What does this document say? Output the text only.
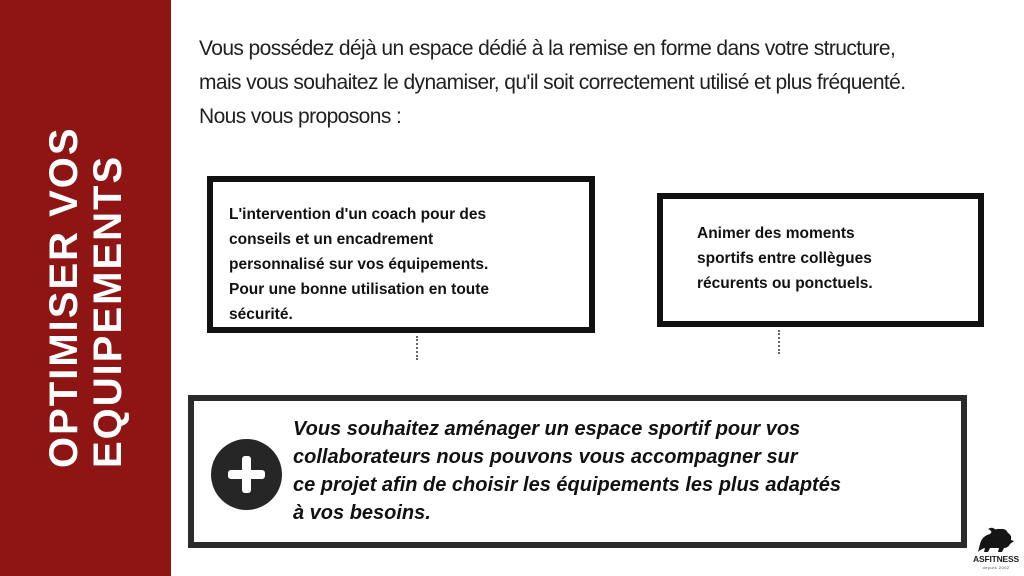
OPTIMISER VOS EQUIPEMENTS
Vous possédez déjà un espace dédié à la remise en forme dans votre structure,
mais vous souhaitez le dynamiser, qu'il soit correctement utilisé et plus fréquenté.
Nous vous proposons :
L'intervention d'un coach pour des
conseils et un encadrement
personnalisé sur vos équipements.
Pour une bonne utilisation en toute
sécurité.
Animer des moments
sportifs entre collègues
récurents ou ponctuels.
Vous souhaitez aménager un espace sportif pour vos
collaborateurs nous pouvons vous accompagner sur
ce projet afin de choisir les équipements les plus adaptés
à vos besoins.
ASFITNESS
depuis 2002
